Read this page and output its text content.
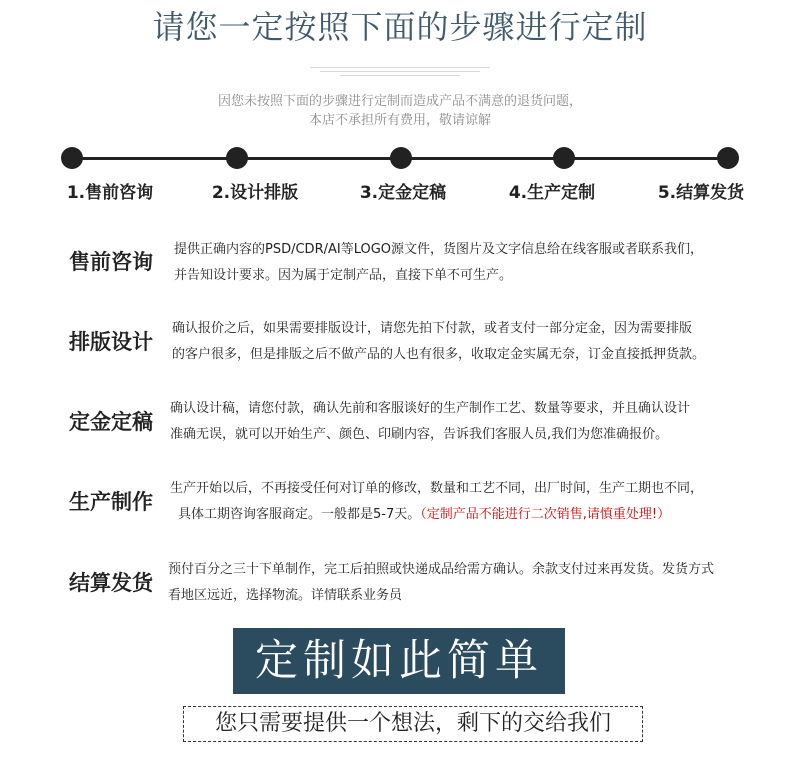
请您一定按照下面的步骤进行定制
因您未按照下面的步骤进行定制而造成产品不满意的退货问题，
本店不承担所有费用，敬请谅解
1.售前咨询	2.设计排版	3.定金定稿	4.生产定制	5.结算发货
售前咨询
提供正确内容的PSD/CDR/AI等LOGO源文件，货图片及文字信息给在线客服或者联系我们，
并告知设计要求。因为属于定制产品，直接下单不可生产。
排版设计
确认报价之后，如果需要排版设计，请您先拍下付款，或者支付一部分定金，因为需要排版
的客户很多，但是排版之后不做产品的人也有很多，收取定金实属无奈，订金直接抵押货款。
定金定稿
确认设计稿，请您付款，确认先前和客服谈好的生产制作工艺、数量等要求，并且确认设计
准确无误，就可以开始生产、颜色、印刷内容，告诉我们客服人员,我们为您准确报价。
生产制作
生产开始以后，不再接受任何对订单的修改，数量和工艺不同，出厂时间，生产工期也不同，
具体工期咨询客服商定。一般都是5-7天。（定制产品不能进行二次销售,请慎重处理!）
结算发货
预付百分之三十下单制作，完工后拍照或快递成品给需方确认。余款支付过来再发货。发货方式
看地区远近，选择物流。详情联系业务员
定制如此简单
您只需要提供一个想法，剩下的交给我们
